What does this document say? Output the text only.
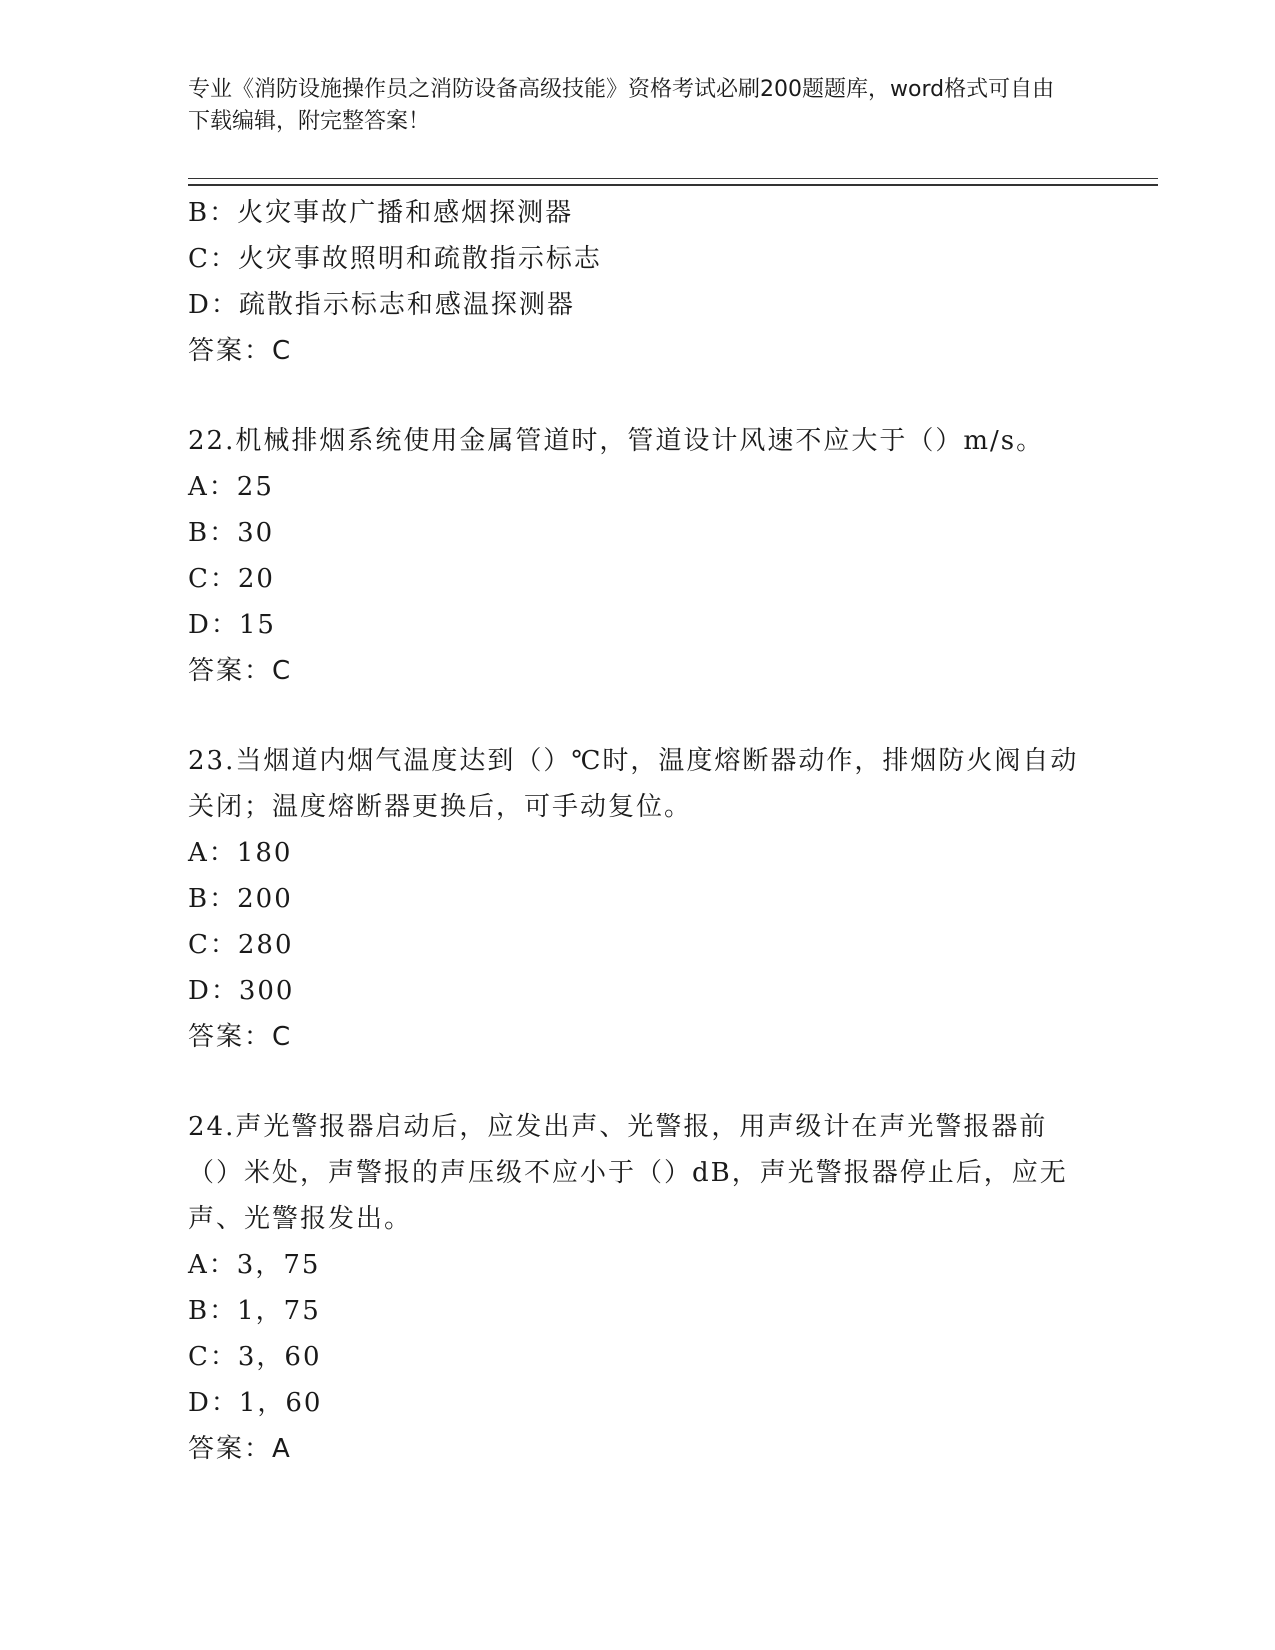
专业《消防设施操作员之消防设备高级技能》资格考试必刷200题题库，word格式可自由下载编辑，附完整答案！
B：火灾事故广播和感烟探测器
C：火灾事故照明和疏散指示标志
D：疏散指示标志和感温探测器
答案：C
22.机械排烟系统使用金属管道时，管道设计风速不应大于（）m/s。
A：25
B：30
C：20
D：15
答案：C
23.当烟道内烟气温度达到（）℃时，温度熔断器动作，排烟防火阀自动关闭；温度熔断器更换后，可手动复位。
A：180
B：200
C：280
D：300
答案：C
24.声光警报器启动后，应发出声、光警报，用声级计在声光警报器前（）米处，声警报的声压级不应小于（）dB，声光警报器停止后，应无声、光警报发出。
A：3，75
B：1，75
C：3，60
D：1，60
答案：A
